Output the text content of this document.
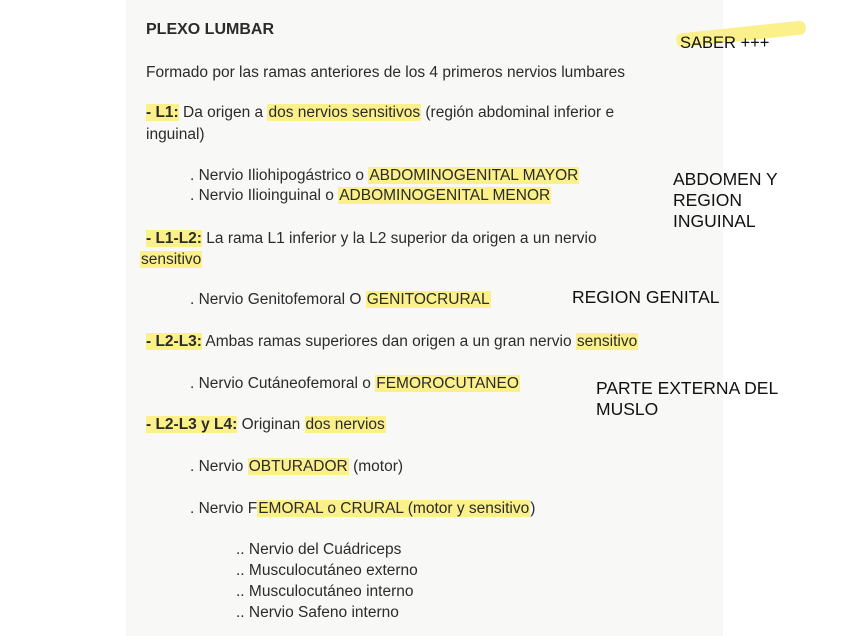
PLEXO LUMBAR
SABER +++
Formado por las ramas anteriores de los 4 primeros nervios lumbares
- L1: Da origen a dos nervios sensitivos (región abdominal inferior e
inguinal)
. Nervio Iliohipogástrico o ABDOMINOGENITAL MAYOR
. Nervio Ilioinguinal o ADBOMINOGENITAL MENOR
ABDOMEN Y
REGION
INGUINAL
- L1-L2: La rama L1 inferior y la L2 superior da origen a un nervio
sensitivo
. Nervio Genitofemoral O GENITOCRURAL	REGION GENITAL
- L2-L3: Ambas ramas superiores dan origen a un gran nervio sensitivo
. Nervio Cutáneofemoral o FEMOROCUTANEO	PARTE EXTERNA DEL
MUSLO
- L2-L3 y L4: Originan dos nervios
. Nervio OBTURADOR (motor)
. Nervio FEMORAL o CRURAL (motor y sensitivo)
.. Nervio del Cuádriceps
.. Musculocutáneo externo
.. Musculocutáneo interno
.. Nervio Safeno interno
